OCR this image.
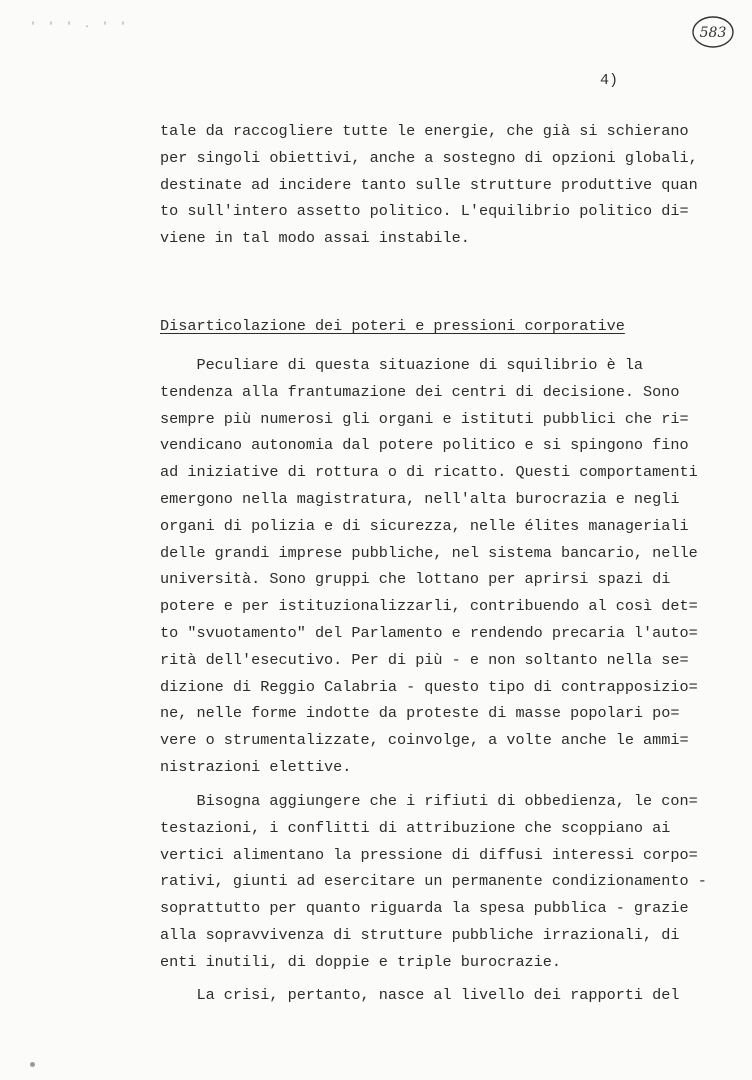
' ' ' · ' '	583
4)
tale da raccogliere tutte le energie, che già si schierano
per singoli obiettivi, anche a sostegno di opzioni globali,
destinate ad incidere tanto sulle strutture produttive quan
to sull'intero assetto politico. L'equilibrio politico di=
viene in tal modo assai instabile.
Disarticolazione dei poteri e pressioni corporative
Peculiare di questa situazione di squilibrio è la
tendenza alla frantumazione dei centri di decisione. Sono
sempre più numerosi gli organi e istituti pubblici che ri=
vendicano autonomia dal potere politico e si spingono fino
ad iniziative di rottura o di ricatto. Questi comportamenti
emergono nella magistratura, nell'alta burocrazia e negli
organi di polizia e di sicurezza, nelle élites manageriali
delle grandi imprese pubbliche, nel sistema bancario, nelle
università. Sono gruppi che lottano per aprirsi spazi di
potere e per istituzionalizzarli, contribuendo al così det=
to "svuotamento" del Parlamento e rendendo precaria l'auto=
rità dell'esecutivo. Per di più - e non soltanto nella se=
dizione di Reggio Calabria - questo tipo di contrapposizio=
ne, nelle forme indotte da proteste di masse popolari po=
vere o strumentalizzate, coinvolge, a volte anche le ammi=
nistrazioni elettive.
Bisogna aggiungere che i rifiuti di obbedienza, le con=
testazioni, i conflitti di attribuzione che scoppiano ai
vertici alimentano la pressione di diffusi interessi corpo=
rativi, giunti ad esercitare un permanente condizionamento -
soprattutto per quanto riguarda la spesa pubblica - grazie
alla sopravvivenza di strutture pubbliche irrazionali, di
enti inutili, di doppie e triple burocrazie.
La crisi, pertanto, nasce al livello dei rapporti del
